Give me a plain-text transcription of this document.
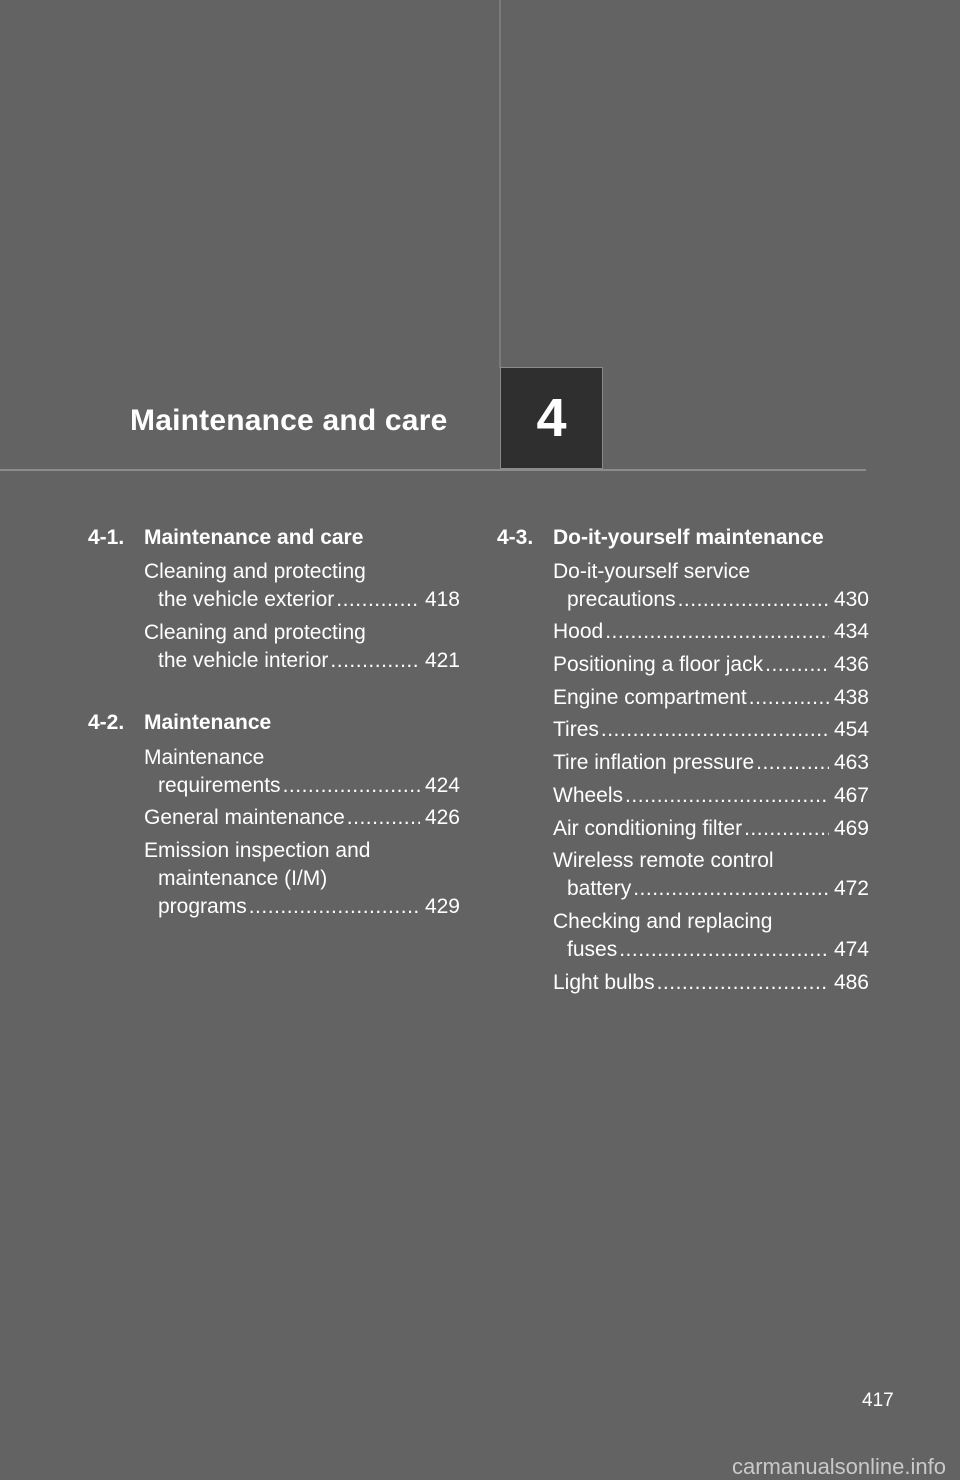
Maintenance and care 4
4-1. Maintenance and care
Cleaning and protecting
the vehicle exterior .....	418
Cleaning and protecting
the vehicle interior .....	421
4-2. Maintenance
Maintenance
requirements .....	424
General maintenance .....	426
Emission inspection and
maintenance (I/M)
programs .....	429
4-3. Do-it-yourself maintenance
Do-it-yourself service
precautions .....	430
Hood .....	434
Positioning a floor jack .....	436
Engine compartment .....	438
Tires .....	454
Tire inflation pressure .....	463
Wheels .....	467
Air conditioning filter .....	469
Wireless remote control
battery .....	472
Checking and replacing
fuses .....	474
Light bulbs .....	486
417
carmanualsonline.info
